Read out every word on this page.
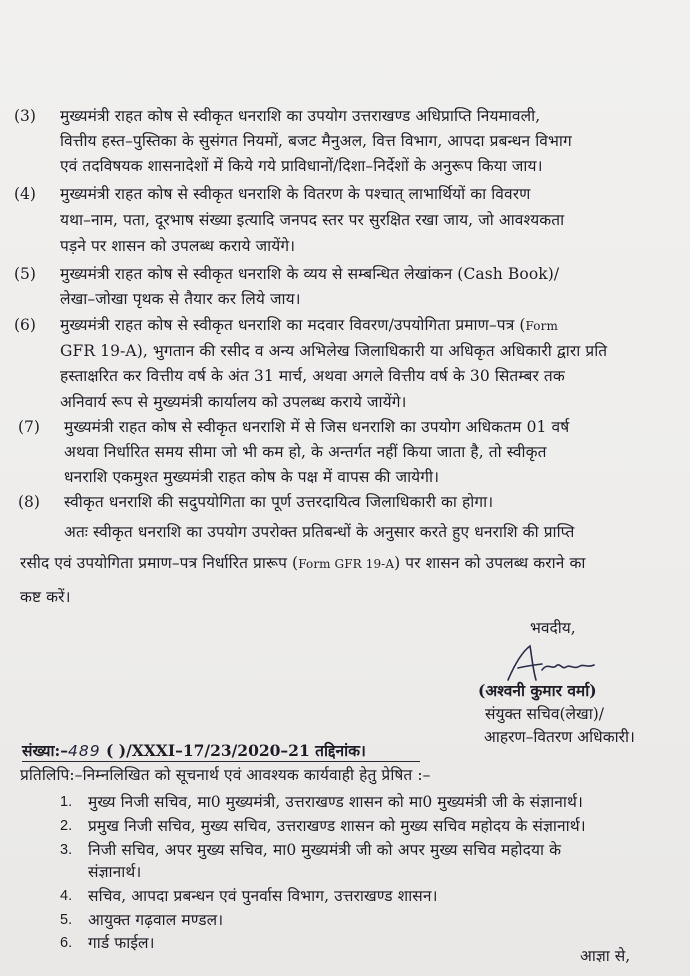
(3) मुख्यमंत्री राहत कोष से स्वीकृत धनराशि का उपयोग उत्तराखण्ड अधिप्राप्ति नियमावली,
वित्तीय हस्त–पुस्तिका के सुसंगत नियमों, बजट मैनुअल, वित्त विभाग, आपदा प्रबन्धन विभाग
एवं तदविषयक शासनादेशों में किये गये प्राविधानों/दिशा–निर्देशों के अनुरूप किया जाय।
(4) मुख्यमंत्री राहत कोष से स्वीकृत धनराशि के वितरण के पश्चात् लाभार्थियों का विवरण
यथा–नाम, पता, दूरभाष संख्या इत्यादि जनपद स्तर पर सुरक्षित रखा जाय, जो आवश्यकता
पड़ने पर शासन को उपलब्ध कराये जायेंगे।
(5) मुख्यमंत्री राहत कोष से स्वीकृत धनराशि के व्यय से सम्बन्धित लेखांकन (Cash Book)/
लेखा–जोखा पृथक से तैयार कर लिये जाय।
(6) मुख्यमंत्री राहत कोष से स्वीकृत धनराशि का मदवार विवरण/उपयोगिता प्रमाण–पत्र (Form
GFR 19-A), भुगतान की रसीद व अन्य अभिलेख जिलाधिकारी या अधिकृत अधिकारी द्वारा प्रति
हस्ताक्षरित कर वित्तीय वर्ष के अंत 31 मार्च, अथवा अगले वित्तीय वर्ष के 30 सितम्बर तक
अनिवार्य रूप से मुख्यमंत्री कार्यालय को उपलब्ध कराये जायेंगे।
(7) मुख्यमंत्री राहत कोष से स्वीकृत धनराशि में से जिस धनराशि का उपयोग अधिकतम 01 वर्ष
अथवा निर्धारित समय सीमा जो भी कम हो, के अन्तर्गत नहीं किया जाता है, तो स्वीकृत
धनराशि एकमुश्त मुख्यमंत्री राहत कोष के पक्ष में वापस की जायेगी।
(8) स्वीकृत धनराशि की सदुपयोगिता का पूर्ण उत्तरदायित्व जिलाधिकारी का होगा।
अतः स्वीकृत धनराशि का उपयोग उपरोक्त प्रतिबन्धों के अनुसार करते हुए धनराशि की प्राप्ति
रसीद एवं उपयोगिता प्रमाण–पत्र निर्धारित प्रारूप (Form GFR 19-A) पर शासन को उपलब्ध कराने का
कष्ट करें।
भवदीय,
(अश्वनी कुमार वर्मा)
संयुक्त सचिव(लेखा)/
आहरण–वितरण अधिकारी।
संख्या:–489 ( )/XXXI–17/23/2020–21 तद्दिनांक।
प्रतिलिपि:–निम्नलिखित को सूचनार्थ एवं आवश्यक कार्यवाही हेतु प्रेषित :–
1. मुख्य निजी सचिव, मा0 मुख्यमंत्री, उत्तराखण्ड शासन को मा0 मुख्यमंत्री जी के संज्ञानार्थ।
2. प्रमुख निजी सचिव, मुख्य सचिव, उत्तराखण्ड शासन को मुख्य सचिव महोदय के संज्ञानार्थ।
3. निजी सचिव, अपर मुख्य सचिव, मा0 मुख्यमंत्री जी को अपर मुख्य सचिव महोदया के
संज्ञानार्थ।
4. सचिव, आपदा प्रबन्धन एवं पुनर्वास विभाग, उत्तराखण्ड शासन।
5. आयुक्त गढ़वाल मण्डल।
6. गार्ड फाईल।
आज्ञा से,
